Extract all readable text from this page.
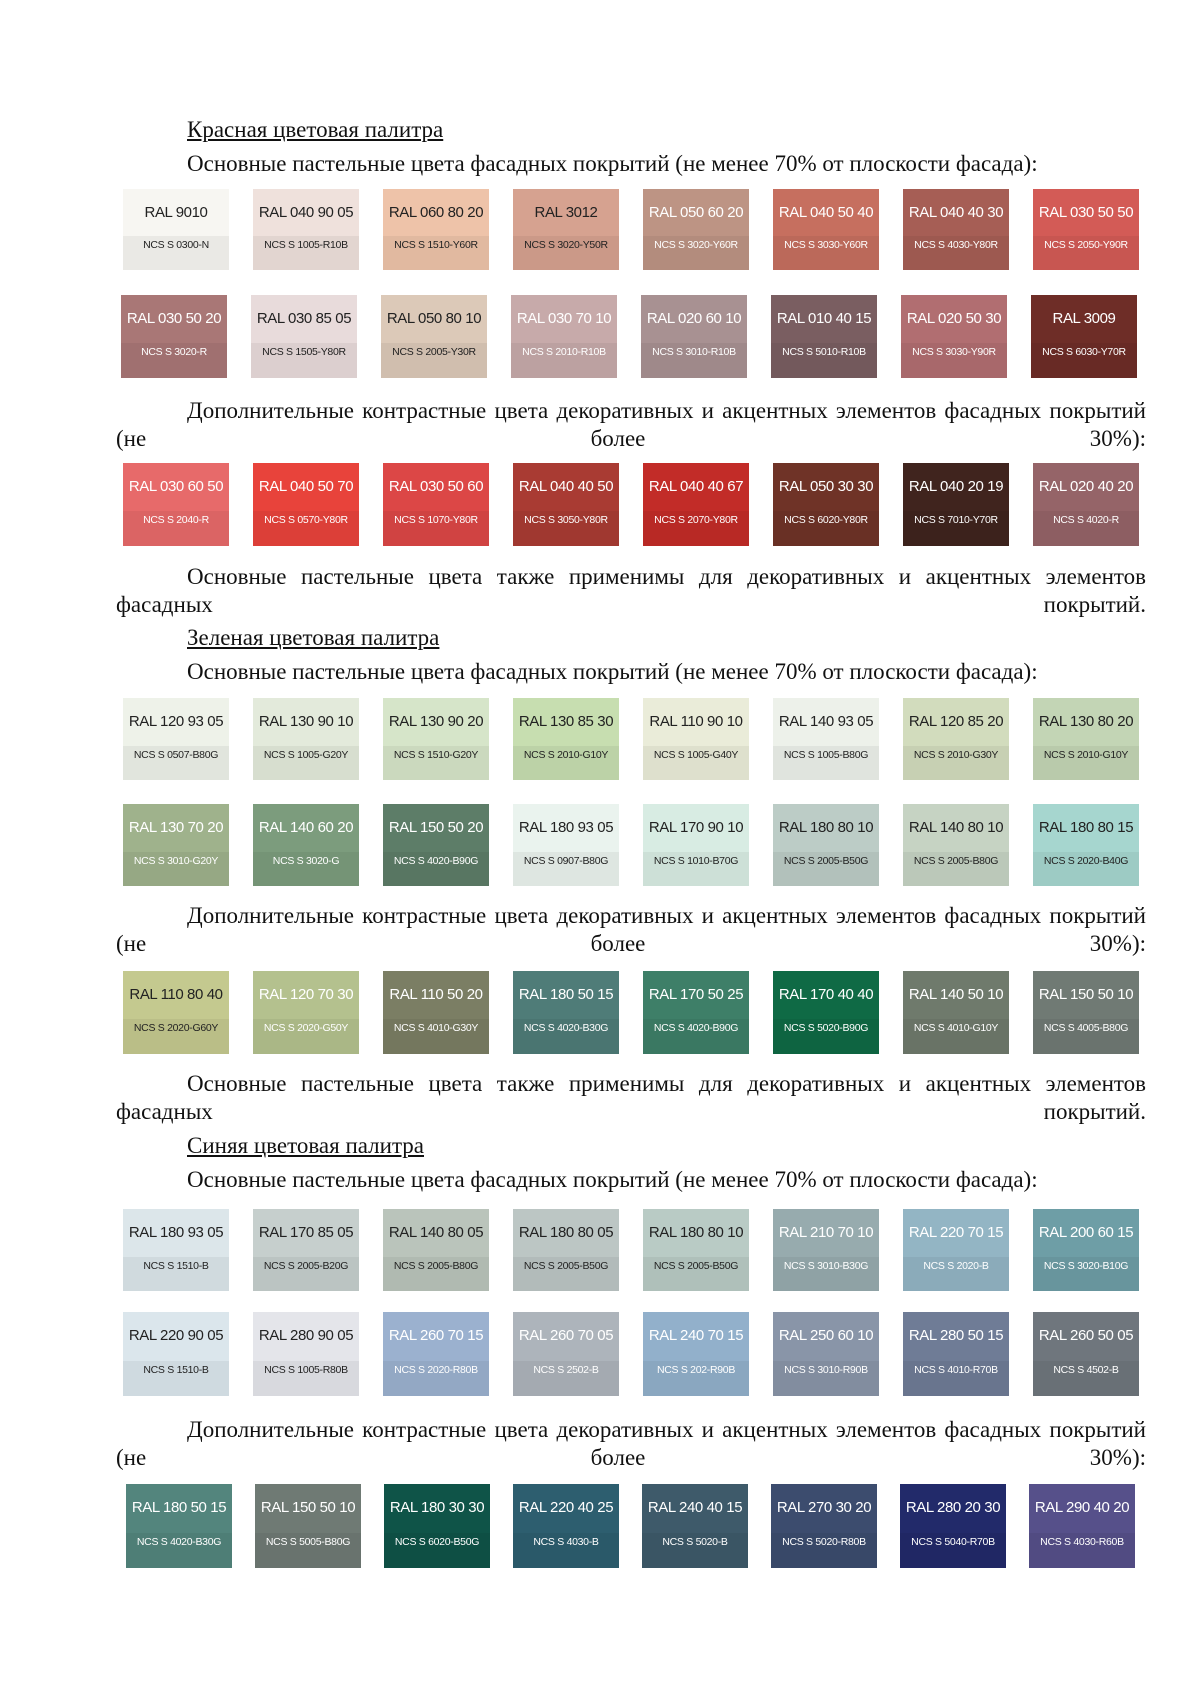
Красная цветовая палитра
Основные пастельные цвета фасадных покрытий (не менее 70% от плоскости фасада):
RAL 9010
NCS S 0300-N
RAL 040 90 05
NCS S 1005-R10B
RAL 060 80 20
NCS S 1510-Y60R
RAL 3012
NCS S 3020-Y50R
RAL 050 60 20
NCS S 3020-Y60R
RAL 040 50 40
NCS S 3030-Y60R
RAL 040 40 30
NCS S 4030-Y80R
RAL 030 50 50
NCS S 2050-Y90R
RAL 030 50 20
NCS S 3020-R
RAL 030 85 05
NCS S 1505-Y80R
RAL 050 80 10
NCS S 2005-Y30R
RAL 030 70 10
NCS S 2010-R10B
RAL 020 60 10
NCS S 3010-R10B
RAL 010 40 15
NCS S 5010-R10B
RAL 020 50 30
NCS S 3030-Y90R
RAL 3009
NCS S 6030-Y70R
Дополнительные контрастные цвета декоративных и акцентных элементов фасадных покрытий (не более 30%):
RAL 030 60 50
NCS S 2040-R
RAL 040 50 70
NCS S 0570-Y80R
RAL 030 50 60
NCS S 1070-Y80R
RAL 040 40 50
NCS S 3050-Y80R
RAL 040 40 67
NCS S 2070-Y80R
RAL 050 30 30
NCS S 6020-Y80R
RAL 040 20 19
NCS S 7010-Y70R
RAL 020 40 20
NCS S 4020-R
Основные пастельные цвета также применимы для декоративных и акцентных элементов фасадных покрытий.
Зеленая цветовая палитра
Основные пастельные цвета фасадных покрытий (не менее 70% от плоскости фасада):
RAL 120 93 05
NCS S 0507-B80G
RAL 130 90 10
NCS S 1005-G20Y
RAL 130 90 20
NCS S 1510-G20Y
RAL 130 85 30
NCS S 2010-G10Y
RAL 110 90 10
NCS S 1005-G40Y
RAL 140 93 05
NCS S 1005-B80G
RAL 120 85 20
NCS S 2010-G30Y
RAL 130 80 20
NCS S 2010-G10Y
RAL 130 70 20
NCS S 3010-G20Y
RAL 140 60 20
NCS S 3020-G
RAL 150 50 20
NCS S 4020-B90G
RAL 180 93 05
NCS S 0907-B80G
RAL 170 90 10
NCS S 1010-B70G
RAL 180 80 10
NCS S 2005-B50G
RAL 140 80 10
NCS S 2005-B80G
RAL 180 80 15
NCS S 2020-B40G
Дополнительные контрастные цвета декоративных и акцентных элементов фасадных покрытий (не более 30%):
RAL 110 80 40
NCS S 2020-G60Y
RAL 120 70 30
NCS S 2020-G50Y
RAL 110 50 20
NCS S 4010-G30Y
RAL 180 50 15
NCS S 4020-B30G
RAL 170 50 25
NCS S 4020-B90G
RAL 170 40 40
NCS S 5020-B90G
RAL 140 50 10
NCS S 4010-G10Y
RAL 150 50 10
NCS S 4005-B80G
Основные пастельные цвета также применимы для декоративных и акцентных элементов фасадных покрытий.
Синяя цветовая палитра
Основные пастельные цвета фасадных покрытий (не менее 70% от плоскости фасада):
RAL 180 93 05
NCS S 1510-B
RAL 170 85 05
NCS S 2005-B20G
RAL 140 80 05
NCS S 2005-B80G
RAL 180 80 05
NCS S 2005-B50G
RAL 180 80 10
NCS S 2005-B50G
RAL 210 70 10
NCS S 3010-B30G
RAL 220 70 15
NCS S 2020-B
RAL 200 60 15
NCS S 3020-B10G
RAL 220 90 05
NCS S 1510-B
RAL 280 90 05
NCS S 1005-R80B
RAL 260 70 15
NCS S 2020-R80B
RAL 260 70 05
NCS S 2502-B
RAL 240 70 15
NCS S 202-R90B
RAL 250 60 10
NCS S 3010-R90B
RAL 280 50 15
NCS S 4010-R70B
RAL 260 50 05
NCS S 4502-B
Дополнительные контрастные цвета декоративных и акцентных элементов фасадных покрытий (не более 30%):
RAL 180 50 15
NCS S 4020-B30G
RAL 150 50 10
NCS S 5005-B80G
RAL 180 30 30
NCS S 6020-B50G
RAL 220 40 25
NCS S 4030-B
RAL 240 40 15
NCS S 5020-B
RAL 270 30 20
NCS S 5020-R80B
RAL 280 20 30
NCS S 5040-R70B
RAL 290 40 20
NCS S 4030-R60B
